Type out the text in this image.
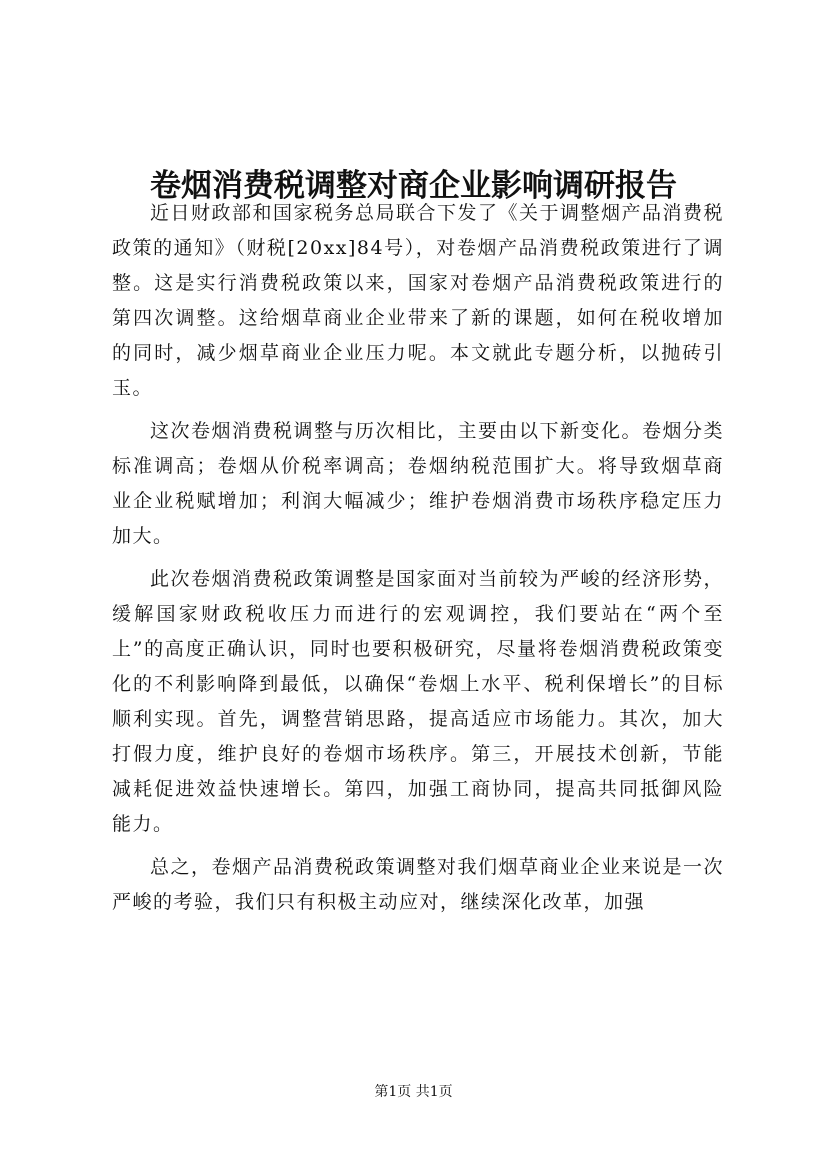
卷烟消费税调整对商企业影响调研报告

近日财政部和国家税务总局联合下发了《关于调整烟产品消费税政策的通知》（财税[20xx]84号），对卷烟产品消费税政策进行了调整。这是实行消费税政策以来，国家对卷烟产品消费税政策进行的第四次调整。这给烟草商业企业带来了新的课题，如何在税收增加的同时，减少烟草商业企业压力呢。本文就此专题分析，以抛砖引玉。

这次卷烟消费税调整与历次相比，主要由以下新变化。卷烟分类标准调高；卷烟从价税率调高；卷烟纳税范围扩大。将导致烟草商业企业税赋增加；利润大幅减少；维护卷烟消费市场秩序稳定压力加大。

此次卷烟消费税政策调整是国家面对当前较为严峻的经济形势，缓解国家财政税收压力而进行的宏观调控，我们要站在“两个至上”的高度正确认识，同时也要积极研究，尽量将卷烟消费税政策变化的不利影响降到最低，以确保“卷烟上水平、税利保增长”的目标顺利实现。首先，调整营销思路，提高适应市场能力。其次，加大打假力度，维护良好的卷烟市场秩序。第三，开展技术创新，节能减耗促进效益快速增长。第四，加强工商协同，提高共同抵御风险能力。

总之，卷烟产品消费税政策调整对我们烟草商业企业来说是一次严峻的考验，我们只有积极主动应对，继续深化改革，加强

第1页 共1页
